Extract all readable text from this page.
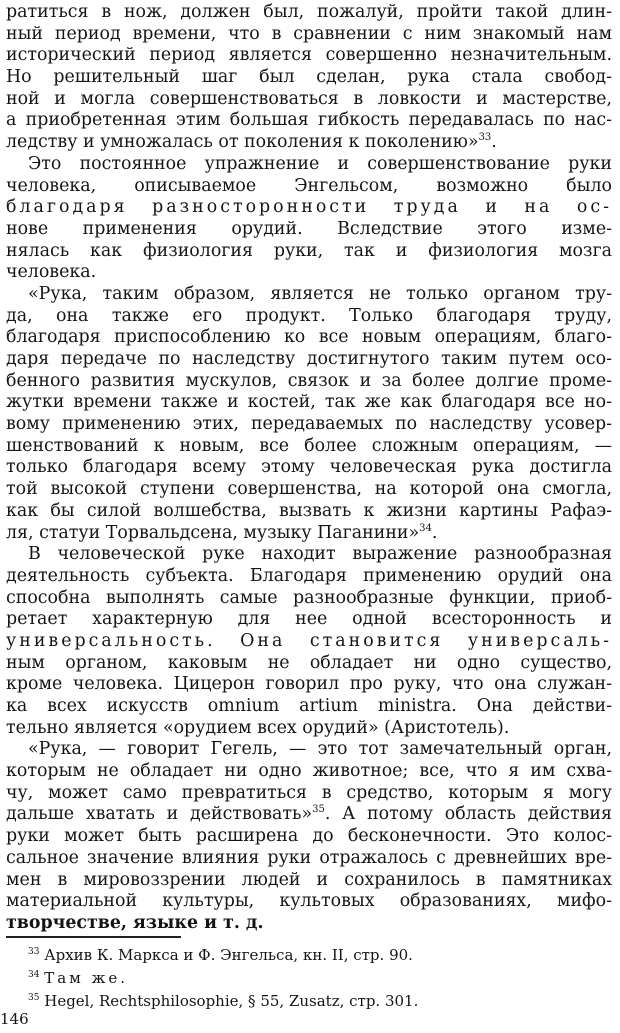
ратиться в нож, должен был, пожалуй, пройти такой длин-
ный период времени, что в сравнении с ним знакомый нам
исторический период является совершенно незначительным.
Но решительный шаг был сделан, рука стала свобод-
ной и могла совершенствоваться в ловкости и мастерстве,
а приобретенная этим большая гибкость передавалась по нас-
ледству и умножалась от поколения к поколению»$^{33}$.
Это постоянное упражнение и совершенствование руки
человека, описываемое Энгельсом, возможно было
благодаря разносторонности труда и на ос-
нове применения орудий. Вследствие этого изме-
нялась как физиология руки, так и физиология мозга
человека.
«Рука, таким образом, является не только органом тру-
да, она также его продукт. Только благодаря труду,
благодаря приспособлению ко все новым операциям, благо-
даря передаче по наследству достигнутого таким путем осо-
бенного развития мускулов, связок и за более долгие проме-
жутки времени также и костей, так же как благодаря все но-
вому применению этих, передаваемых по наследству усовер-
шенствований к новым, все более сложным операциям, —
только благодаря всему этому человеческая рука достигла
той высокой ступени совершенства, на которой она смогла,
как бы силой волшебства, вызвать к жизни картины Рафаэ-
ля, статуи Торвальдсена, музыку Паганини»$^{34}$.
В человеческой руке находит выражение разнообразная
деятельность субъекта. Благодаря применению орудий она
способна выполнять самые разнообразные функции, приоб-
ретает характерную для нее одной всесторонность и
универсальность. Она становится универсаль-
ным органом, каковым не обладает ни одно существо,
кроме человека. Цицерон говорил про руку, что она служан-
ка всех искусств omnium artium ministra. Она действи-
тельно является «орудием всех орудий» (Аристотель).
«Рука, — говорит Гегель, — это тот замечательный орган,
которым не обладает ни одно животное; все, что я им схва-
чу, может само превратиться в средство, которым я могу
дальше хватать и действовать»$^{35}$. А потому область действия
руки может быть расширена до бесконечности. Это колос-
сальное значение влияния руки отражалось с древнейших вре-
мен в мировоззрении людей и сохранилось в памятниках
материальной культуры, культовых образованиях, мифо-
творчестве, языке и т. д.
$^{33}$ Архив К. Маркса и Ф. Энгельса, кн. II, стр. 90.
$^{34}$ Там же.
$^{35}$ Hegel, Rechtsphilosophie, § 55, Zusatz, стр. 301.
146
